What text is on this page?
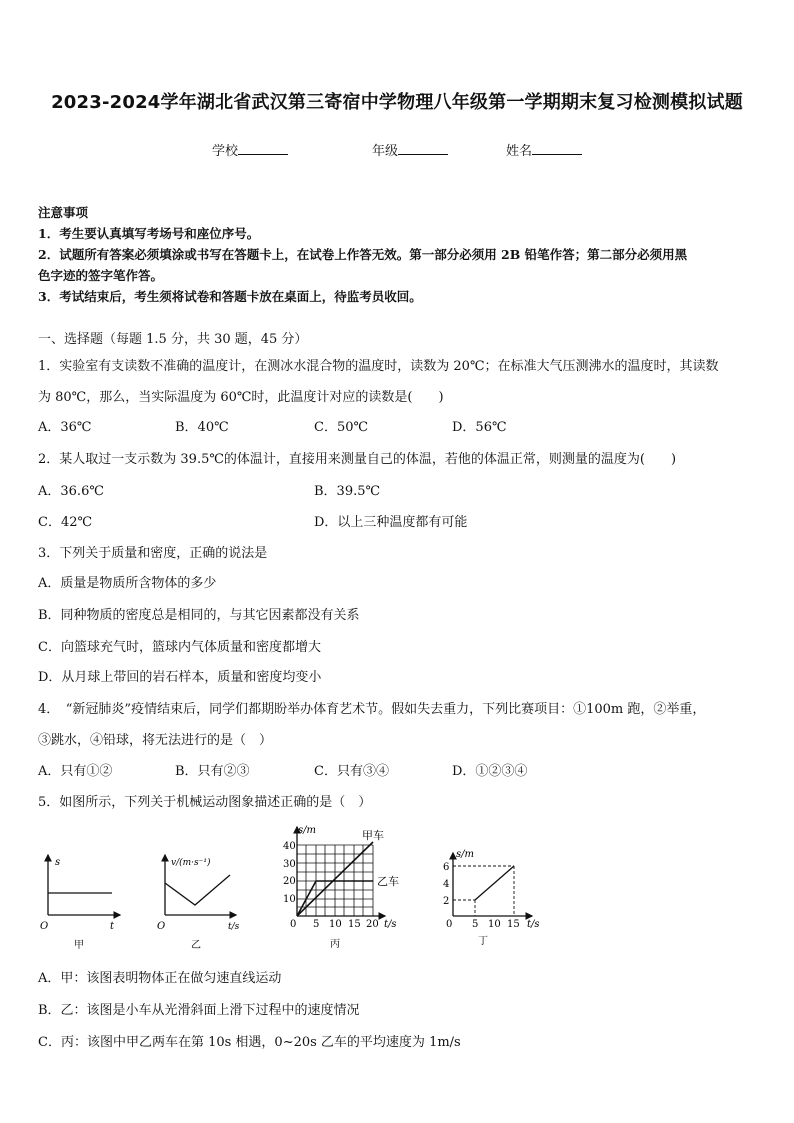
2023-2024学年湖北省武汉第三寄宿中学物理八年级第一学期期末复习检测模拟试题
学校	年级	姓名
注意事项
1．考生要认真填写考场号和座位序号。
2．试题所有答案必须填涂或书写在答题卡上，在试卷上作答无效。第一部分必须用 2B 铅笔作答；第二部分必须用黑
色字迹的签字笔作答。
3．考试结束后，考生须将试卷和答题卡放在桌面上，待监考员收回。
一、选择题（每题 1.5 分，共 30 题，45 分）
1．实验室有支读数不准确的温度计，在测冰水混合物的温度时，读数为 20℃；在标准大气压测沸水的温度时，其读数
为 80℃，那么，当实际温度为 60℃时，此温度计对应的读数是(　　)
A．36℃	B．40℃	C．50℃	D．56℃
2．某人取过一支示数为 39.5℃的体温计，直接用来测量自己的体温，若他的体温正常，则测量的温度为(　　)
A．36.6℃	B．39.5℃
C．42℃	D．以上三种温度都有可能
3．下列关于质量和密度，正确的说法是
A．质量是物质所含物体的多少
B．同种物质的密度总是相同的，与其它因素都没有关系
C．向篮球充气时，篮球内气体质量和密度都增大
D．从月球上带回的岩石样本，质量和密度均变小
4．　“新冠肺炎”疫情结束后，同学们都期盼举办体育艺术节。假如失去重力，下列比赛项目：①100m 跑，②举重，
③跳水，④铅球，将无法进行的是（　）
A．只有①②	B．只有②③	C．只有③④	D．①②③④
5．如图所示，下列关于机械运动图象描述正确的是（　）
s
t
O
甲
v/(m·s⁻¹)
t/s
O
乙
s/m
40
30
20
10
0 5 10 15 20 t/s
甲车
乙车
丙
s/m
6
4
2
0 5 10 15 t/s
丁
A．甲：该图表明物体正在做匀速直线运动
B．乙：该图是小车从光滑斜面上滑下过程中的速度情况
C．丙：该图中甲乙两车在第 10s 相遇，0~20s 乙车的平均速度为 1m/s
